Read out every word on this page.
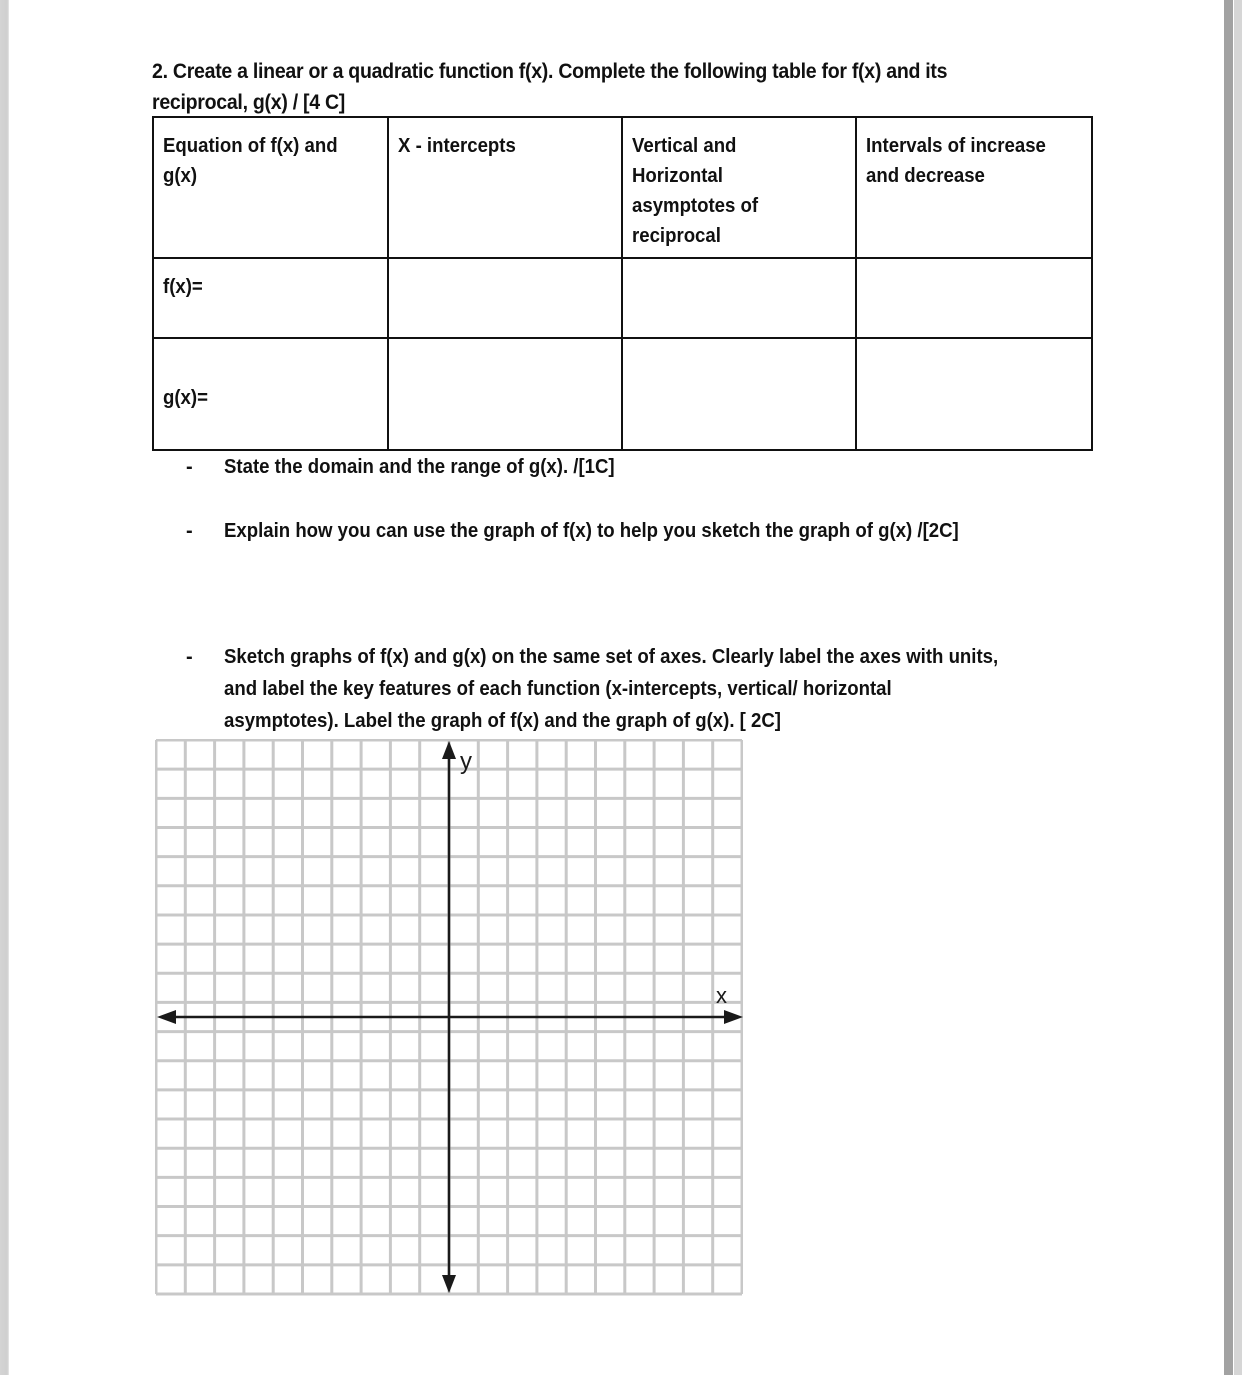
2. Create a linear or a quadratic function f(x). Complete the following table for f(x) and its
reciprocal, g(x) / [4 C]
Equation of f(x) and
g(x)	X - intercepts	Vertical and
Horizontal
asymptotes of
reciprocal	Intervals of increase
and decrease
f(x)=			
g(x)=			
- State the domain and the range of g(x). /[1C]
- Explain how you can use the graph of f(x) to help you sketch the graph of g(x) /[2C]
- Sketch graphs of f(x) and g(x) on the same set of axes. Clearly label the axes with units,
and label the key features of each function (x-intercepts, vertical/ horizontal
asymptotes). Label the graph of f(x) and the graph of g(x). [ 2C]
y
x
